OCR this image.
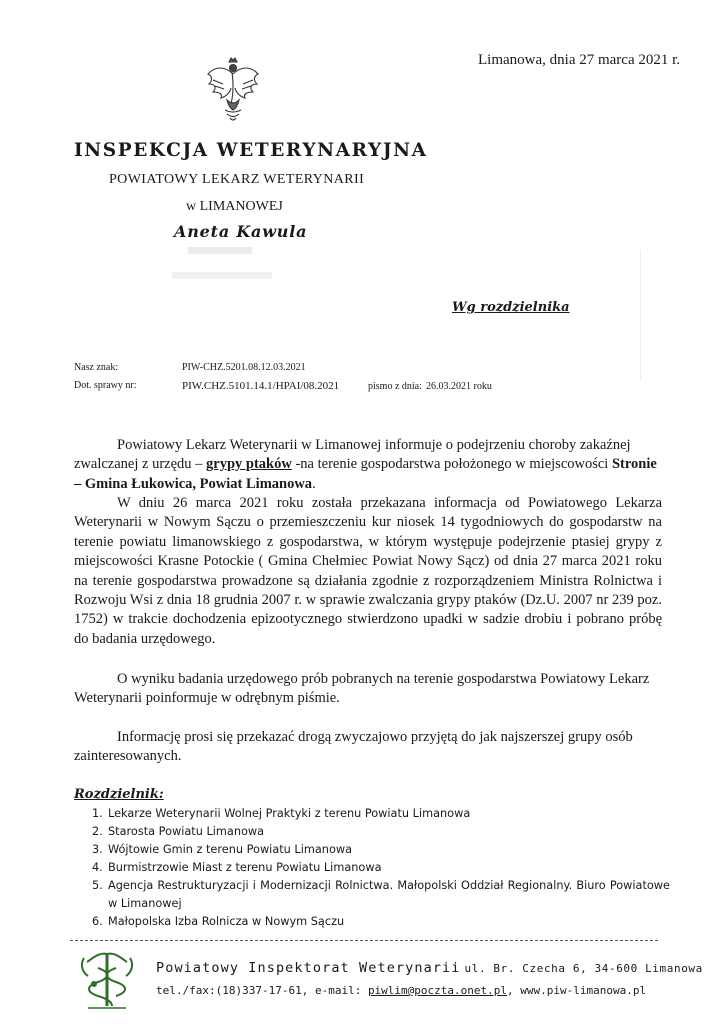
Limanowa, dnia 27 marca 2021 r.
INSPEKCJA WETERYNARYJNA
POWIATOWY LEKARZ WETERYNARII
w LIMANOWEJ
Aneta Kawula
Wg rozdzielnika
Nasz znak:	PIW-CHZ.5201.08.12.03.2021
Dot. sprawy nr:	PIW.CHZ.5101.14.1/HPAI/08.2021	pismo z dnia: 26.03.2021 roku

Powiatowy Lekarz Weterynarii w Limanowej informuje o podejrzeniu choroby zakaźnej zwalczanej z urzędu – grypy ptaków -na terenie gospodarstwa położonego w miejscowości Stronie – Gmina Łukowica, Powiat Limanowa.

W dniu 26 marca 2021 roku została przekazana informacja od Powiatowego Lekarza Weterynarii w Nowym Sączu o przemieszczeniu kur niosek 14 tygodniowych do gospodarstw na terenie powiatu limanowskiego z gospodarstwa, w którym występuje podejrzenie ptasiej grypy z miejscowości Krasne Potockie ( Gmina Chełmiec Powiat Nowy Sącz) od dnia 27 marca 2021 roku na terenie gospodarstwa prowadzone są działania zgodnie z rozporządzeniem Ministra Rolnictwa i Rozwoju Wsi z dnia 18 grudnia 2007 r. w sprawie zwalczania grypy ptaków (Dz.U. 2007 nr 239 poz. 1752) w trakcie dochodzenia epizootycznego stwierdzono upadki w sadzie drobiu i pobrano próbę do badania urzędowego.

O wyniku badania urzędowego prób pobranych na terenie gospodarstwa Powiatowy Lekarz Weterynarii poinformuje w odrębnym piśmie.

Informację prosi się przekazać drogą zwyczajowo przyjętą do jak najszerszej grupy osób zainteresowanych.

Rozdzielnik:
1. Lekarze Weterynarii Wolnej Praktyki z terenu Powiatu Limanowa
2. Starosta Powiatu Limanowa
3. Wójtowie Gmin z terenu Powiatu Limanowa
4. Burmistrzowie Miast z terenu Powiatu Limanowa
5. Agencja Restrukturyzacji i Modernizacji Rolnictwa. Małopolski Oddział Regionalny. Biuro Powiatowe w Limanowej
6. Małopolska Izba Rolnicza w Nowym Sączu
Powiatowy Inspektorat Weterynarii ul. Br. Czecha 6, 34-600 Limanowa
tel./fax:(18)337-17-61, e-mail: piwlim@poczta.onet.pl, www.piw-limanowa.pl
